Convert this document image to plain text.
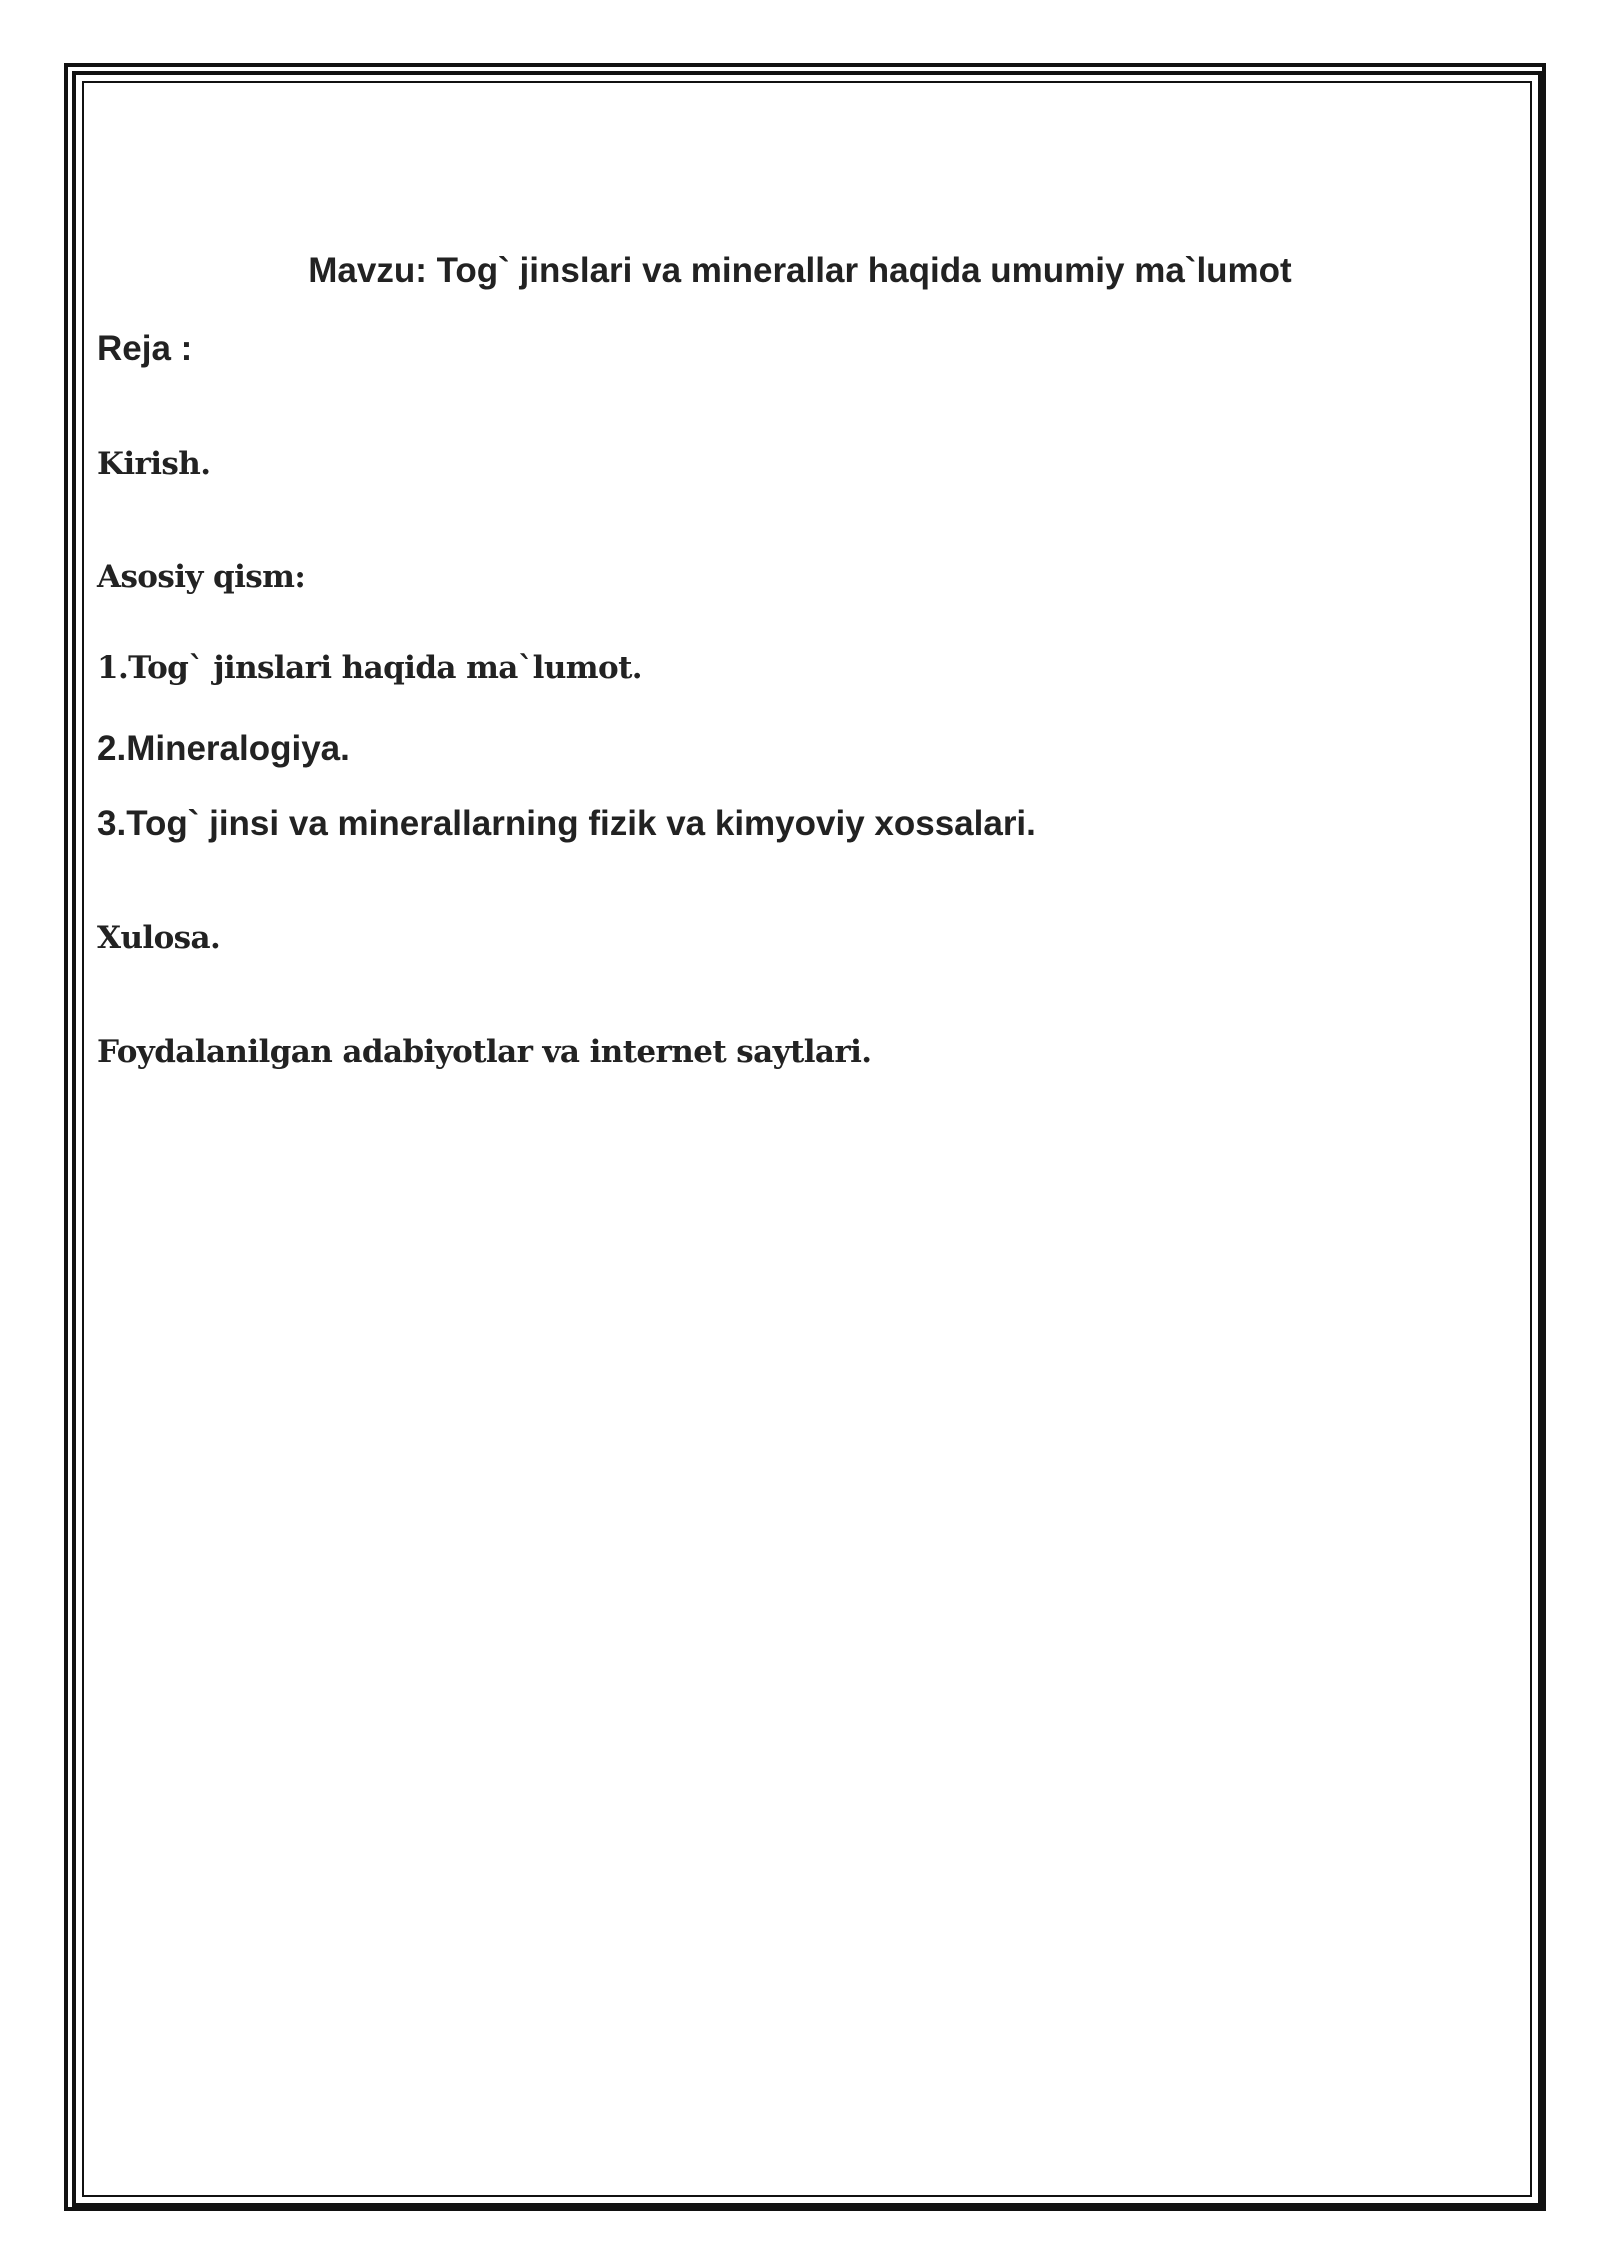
Mavzu: Tog` jinslari va minerallar haqida umumiy ma`lumot

Reja :

Kirish.

Asosiy qism:

1.Tog` jinslari haqida ma`lumot.

2.Mineralogiya.

3.Tog` jinsi va minerallarning fizik va kimyoviy xossalari.

Xulosa.

Foydalanilgan adabiyotlar va internet saytlari.
